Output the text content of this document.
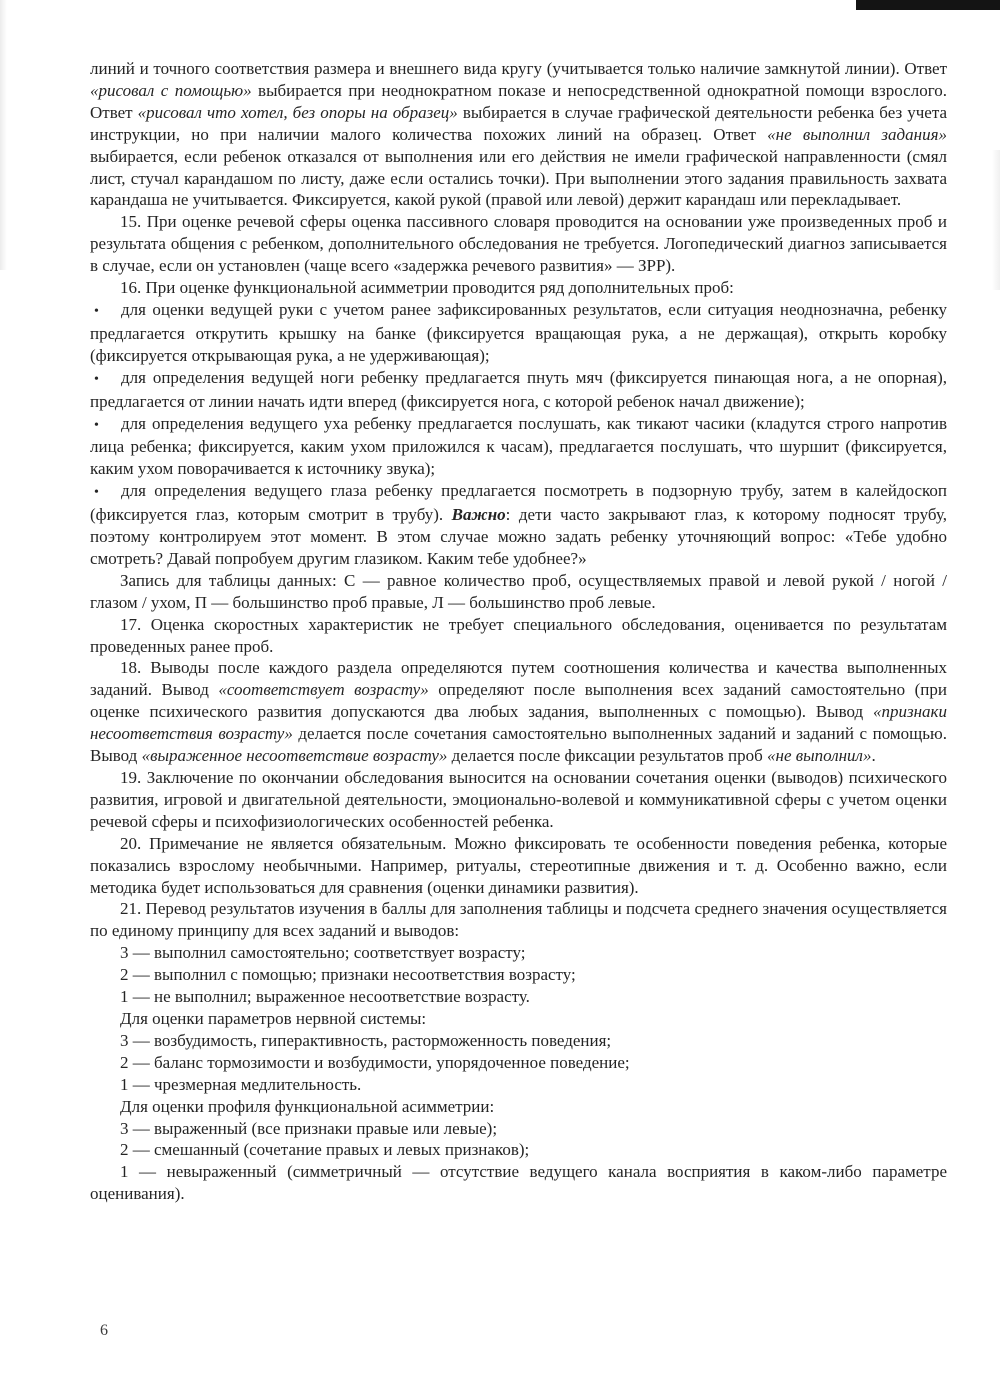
линий и точного соответствия размера и внешнего вида кругу (учитывается только наличие замкнутой линии). Ответ «рисовал с помощью» выбирается при неоднократном показе и непосредственной однократной помощи взрослого. Ответ «рисовал что хотел, без опоры на образец» выбирается в случае графической деятельности ребенка без учета инструкции, но при наличии малого количества похожих линий на образец. Ответ «не выполнил задания» выбирается, если ребенок отказался от выполнения или его действия не имели графической направленности (смял лист, стучал карандашом по листу, даже если остались точки). При выполнении этого задания правильность захвата карандаша не учитывается. Фиксируется, какой рукой (правой или левой) держит карандаш или перекладывает.

15. При оценке речевой сферы оценка пассивного словаря проводится на основании уже произведенных проб и результата общения с ребенком, дополнительного обследования не требуется. Логопедический диагноз записывается в случае, если он установлен (чаще всего «задержка речевого развития» — ЗРР).

16. При оценке функциональной асимметрии проводится ряд дополнительных проб:

• для оценки ведущей руки с учетом ранее зафиксированных результатов, если ситуация неоднозначна, ребенку предлагается открутить крышку на банке (фиксируется вращающая рука, а не держащая), открыть коробку (фиксируется открывающая рука, а не удерживающая);

• для определения ведущей ноги ребенку предлагается пнуть мяч (фиксируется пинающая нога, а не опорная), предлагается от линии начать идти вперед (фиксируется нога, с которой ребенок начал движение);

• для определения ведущего уха ребенку предлагается послушать, как тикают часики (кладутся строго напротив лица ребенка; фиксируется, каким ухом приложился к часам), предлагается послушать, что шуршит (фиксируется, каким ухом поворачивается к источнику звука);

• для определения ведущего глаза ребенку предлагается посмотреть в подзорную трубу, затем в калейдоскоп (фиксируется глаз, которым смотрит в трубу). Важно: дети часто закрывают глаз, к которому подносят трубу, поэтому контролируем этот момент. В этом случае можно задать ребенку уточняющий вопрос: «Тебе удобно смотреть? Давай попробуем другим глазиком. Каким тебе удобнее?»

Запись для таблицы данных: С — равное количество проб, осуществляемых правой и левой рукой / ногой / глазом / ухом, П — большинство проб правые, Л — большинство проб левые.

17. Оценка скоростных характеристик не требует специального обследования, оценивается по результатам проведенных ранее проб.

18. Выводы после каждого раздела определяются путем соотношения количества и качества выполненных заданий. Вывод «соответствует возрасту» определяют после выполнения всех заданий самостоятельно (при оценке психического развития допускаются два любых задания, выполненных с помощью). Вывод «признаки несоответствия возрасту» делается после сочетания самостоятельно выполненных заданий и заданий с помощью. Вывод «выраженное несоответствие возрасту» делается после фиксации результатов проб «не выполнил».

19. Заключение по окончании обследования выносится на основании сочетания оценки (выводов) психического развития, игровой и двигательной деятельности, эмоционально-волевой и коммуникативной сферы с учетом оценки речевой сферы и психофизиологических особенностей ребенка.

20. Примечание не является обязательным. Можно фиксировать те особенности поведения ребенка, которые показались взрослому необычными. Например, ритуалы, стереотипные движения и т. д. Особенно важно, если методика будет использоваться для сравнения (оценки динамики развития).

21. Перевод результатов изучения в баллы для заполнения таблицы и подсчета среднего значения осуществляется по единому принципу для всех заданий и выводов:

3 — выполнил самостоятельно; соответствует возрасту;

2 — выполнил с помощью; признаки несоответствия возрасту;

1 — не выполнил; выраженное несоответствие возрасту.

Для оценки параметров нервной системы:

3 — возбудимость, гиперактивность, расторможенность поведения;

2 — баланс тормозимости и возбудимости, упорядоченное поведение;

1 — чрезмерная медлительность.

Для оценки профиля функциональной асимметрии:

3 — выраженный (все признаки правые или левые);

2 — смешанный (сочетание правых и левых признаков);

1 — невыраженный (симметричный — отсутствие ведущего канала восприятия в каком-либо параметре оценивания).

6
